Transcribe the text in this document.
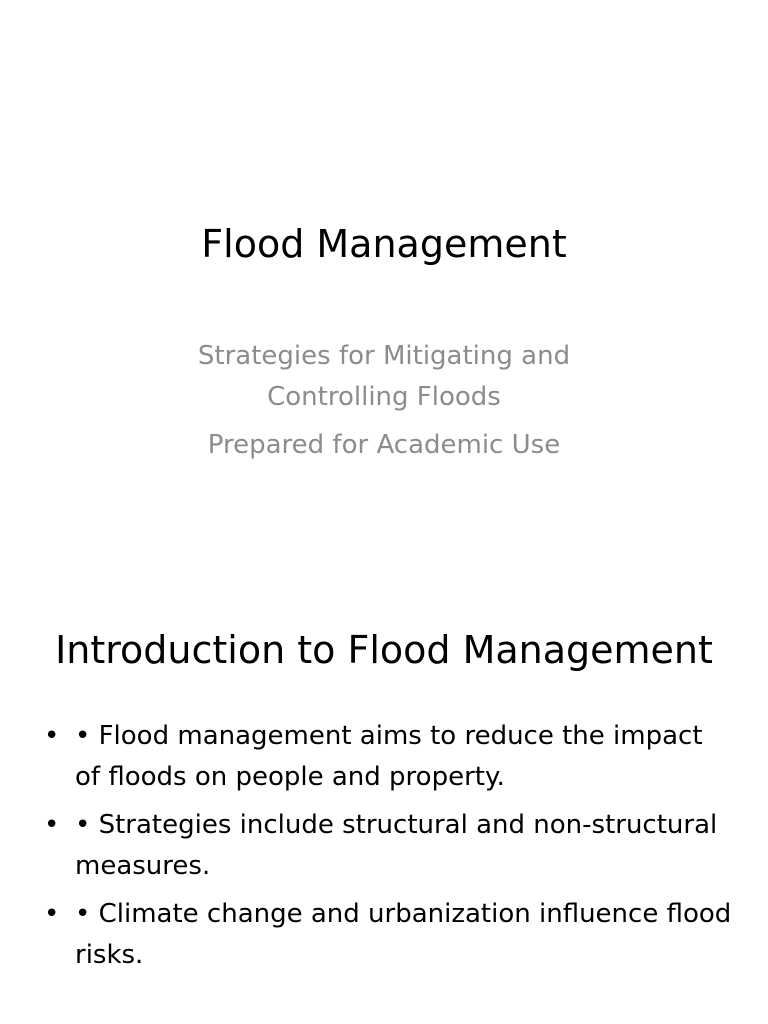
Flood Management

Strategies for Mitigating and Controlling Floods

Prepared for Academic Use

Introduction to Flood Management
• • Flood management aims to reduce the impact of floods on people and property.
• • Strategies include structural and non-structural measures.
• • Climate change and urbanization influence flood risks.
